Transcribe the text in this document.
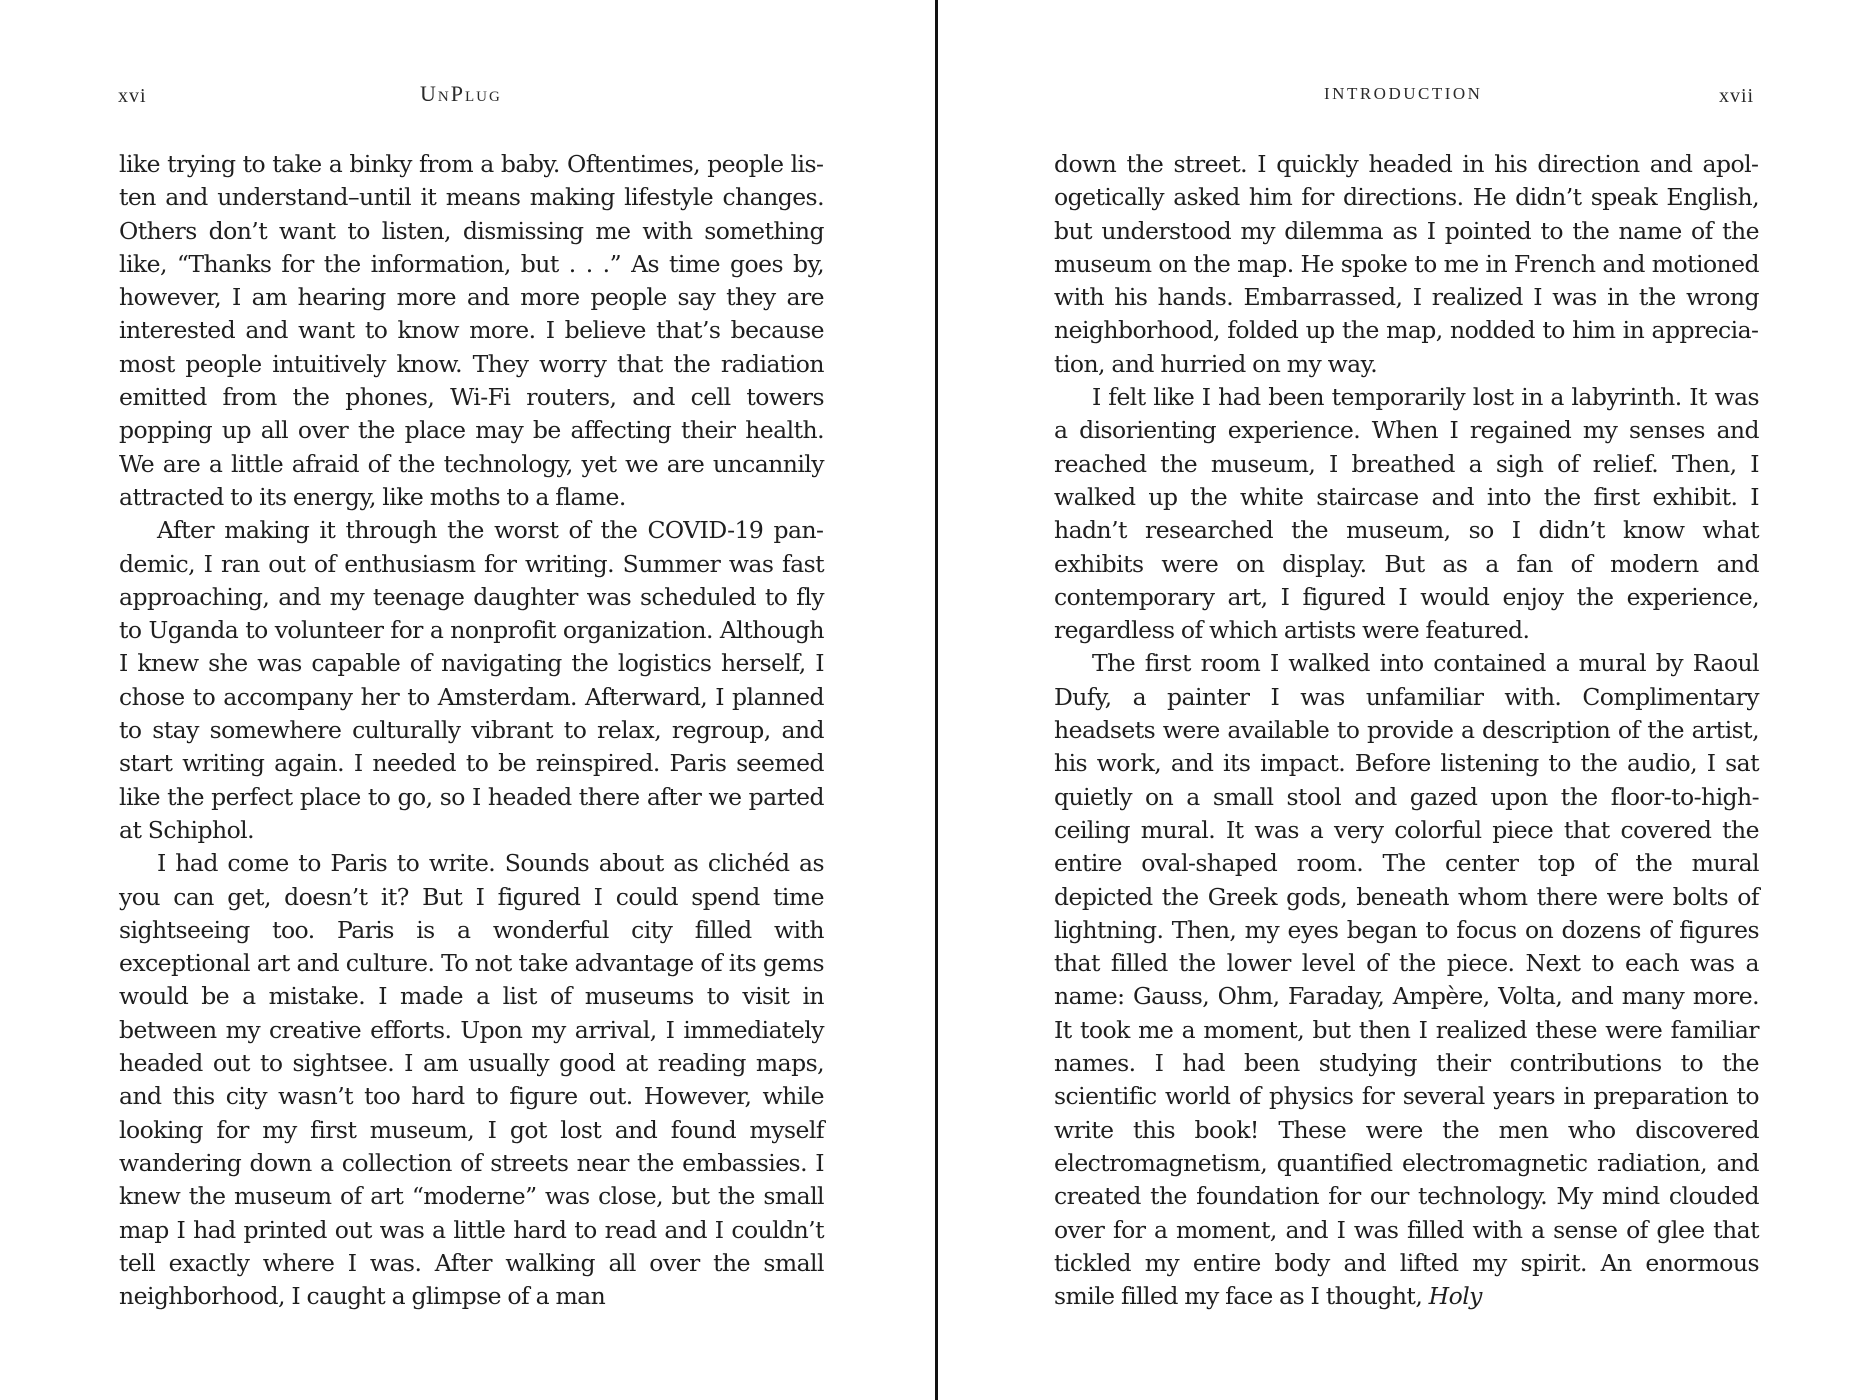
xvi	UnPlug

like trying to take a binky from a baby. Oftentimes, people listen and understand–until it means making lifestyle changes. Others don’t want to listen, dismissing me with something like, “Thanks for the information, but . . .” As time goes by, however, I am hearing more and more people say they are interested and want to know more. I believe that’s because most people intuitively know. They worry that the radiation emitted from the phones, Wi-Fi routers, and cell towers popping up all over the place may be affecting their health. We are a little afraid of the technology, yet we are uncannily attracted to its energy, like moths to a flame.

After making it through the worst of the COVID-19 pandemic, I ran out of enthusiasm for writing. Summer was fast approaching, and my teenage daughter was scheduled to fly to Uganda to volunteer for a nonprofit organization. Although I knew she was capable of navigating the logistics herself, I chose to accompany her to Amsterdam. Afterward, I planned to stay somewhere culturally vibrant to relax, regroup, and start writing again. I needed to be reinspired. Paris seemed like the perfect place to go, so I headed there after we parted at Schiphol.

I had come to Paris to write. Sounds about as clichéd as you can get, doesn’t it? But I figured I could spend time sightseeing too. Paris is a wonderful city filled with exceptional art and culture. To not take advantage of its gems would be a mistake. I made a list of museums to visit in between my creative efforts. Upon my arrival, I immediately headed out to sightsee. I am usually good at reading maps, and this city wasn’t too hard to figure out. However, while looking for my first museum, I got lost and found myself wandering down a collection of streets near the embassies. I knew the museum of art “moderne” was close, but the small map I had printed out was a little hard to read and I couldn’t tell exactly where I was. After walking all over the small neighborhood, I caught a glimpse of a man

INTRODUCTION	xvii

down the street. I quickly headed in his direction and apologetically asked him for directions. He didn’t speak English, but understood my dilemma as I pointed to the name of the museum on the map. He spoke to me in French and motioned with his hands. Embarrassed, I realized I was in the wrong neighborhood, folded up the map, nodded to him in appreciation, and hurried on my way.

I felt like I had been temporarily lost in a labyrinth. It was a disorienting experience. When I regained my senses and reached the museum, I breathed a sigh of relief. Then, I walked up the white staircase and into the first exhibit. I hadn’t researched the museum, so I didn’t know what exhibits were on display. But as a fan of modern and contemporary art, I figured I would enjoy the experience, regardless of which artists were featured.

The first room I walked into contained a mural by Raoul Dufy, a painter I was unfamiliar with. Complimentary headsets were available to provide a description of the artist, his work, and its impact. Before listening to the audio, I sat quietly on a small stool and gazed upon the floor-to-high-ceiling mural. It was a very colorful piece that covered the entire oval-shaped room. The center top of the mural depicted the Greek gods, beneath whom there were bolts of lightning. Then, my eyes began to focus on dozens of figures that filled the lower level of the piece. Next to each was a name: Gauss, Ohm, Faraday, Ampère, Volta, and many more. It took me a moment, but then I realized these were familiar names. I had been studying their contributions to the scientific world of physics for several years in preparation to write this book! These were the men who discovered electromagnetism, quantified electromagnetic radiation, and created the foundation for our technology. My mind clouded over for a moment, and I was filled with a sense of glee that tickled my entire body and lifted my spirit. An enormous smile filled my face as I thought, Holy
